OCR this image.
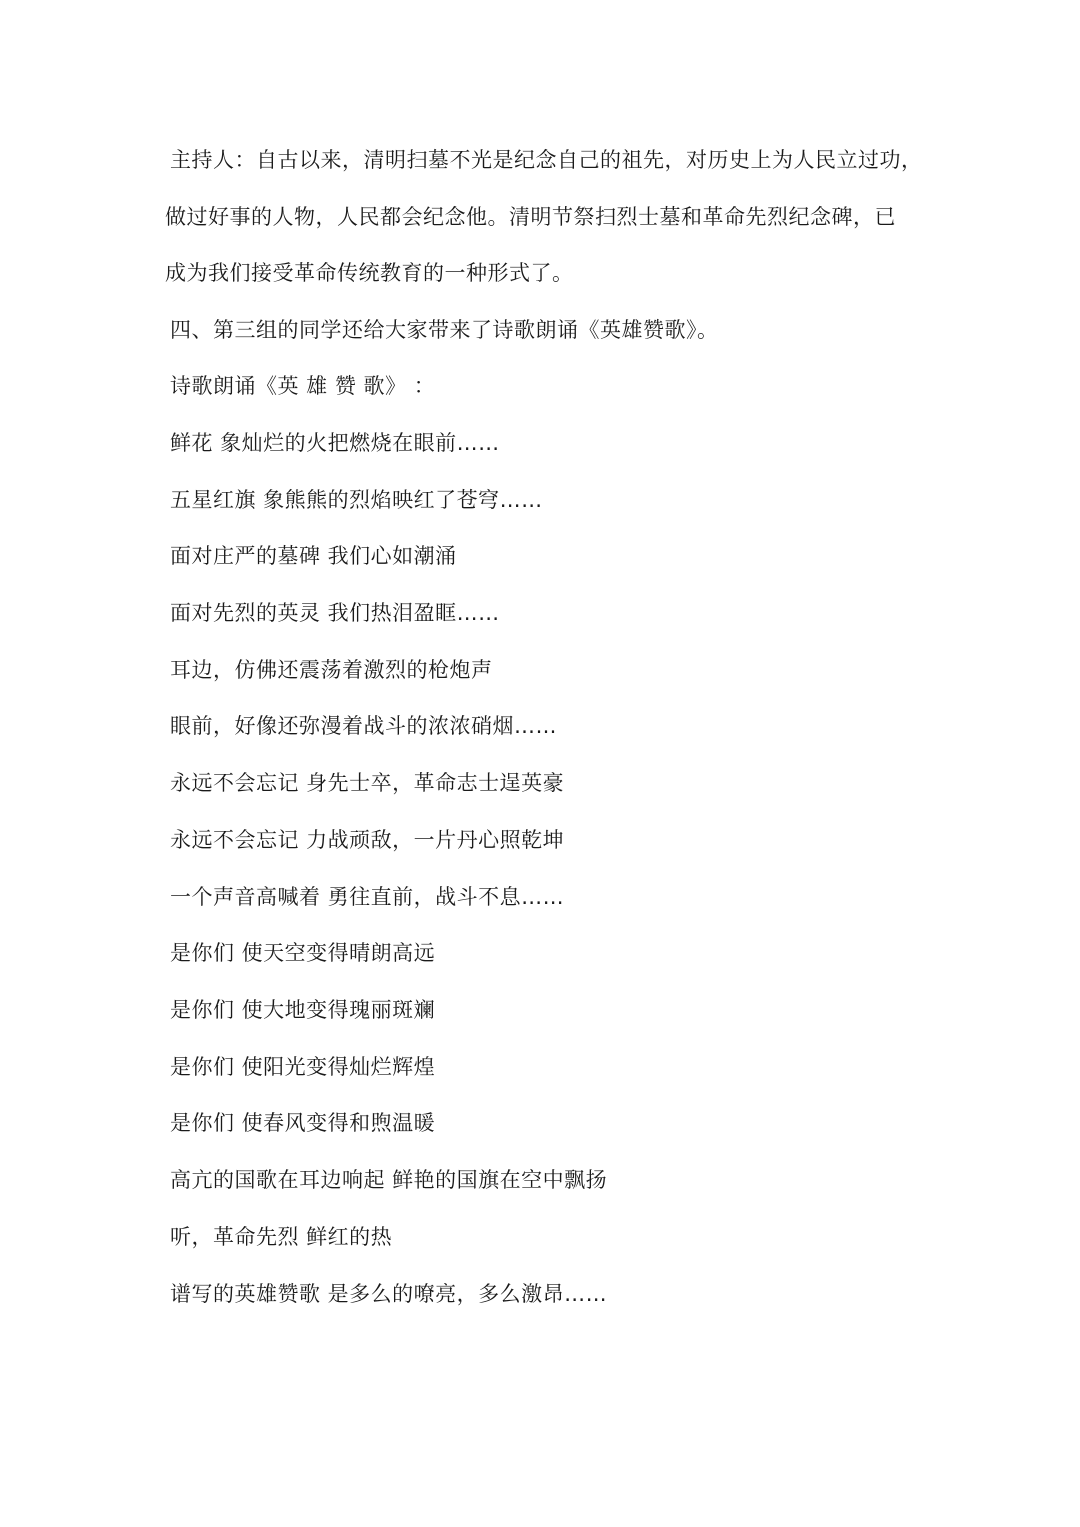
主持人：自古以来，清明扫墓不光是纪念自己的祖先，对历史上为人民立过功，
做过好事的人物，人民都会纪念他。清明节祭扫烈士墓和革命先烈纪念碑，已
成为我们接受革命传统教育的一种形式了。
四、第三组的同学还给大家带来了诗歌朗诵《英雄赞歌》。
诗歌朗诵《英 雄 赞 歌》 ：
鲜花 象灿烂的火把燃烧在眼前……
五星红旗 象熊熊的烈焰映红了苍穹……
面对庄严的墓碑 我们心如潮涌
面对先烈的英灵 我们热泪盈眶……
耳边，仿佛还震荡着激烈的枪炮声
眼前，好像还弥漫着战斗的浓浓硝烟……
永远不会忘记 身先士卒，革命志士逞英豪
永远不会忘记 力战顽敌，一片丹心照乾坤
一个声音高喊着 勇往直前，战斗不息……
是你们 使天空变得晴朗高远
是你们 使大地变得瑰丽斑斓
是你们 使阳光变得灿烂辉煌
是你们 使春风变得和煦温暖
高亢的国歌在耳边响起 鲜艳的国旗在空中飘扬
听，革命先烈 鲜红的热
谱写的英雄赞歌 是多么的嘹亮，多么激昂……
